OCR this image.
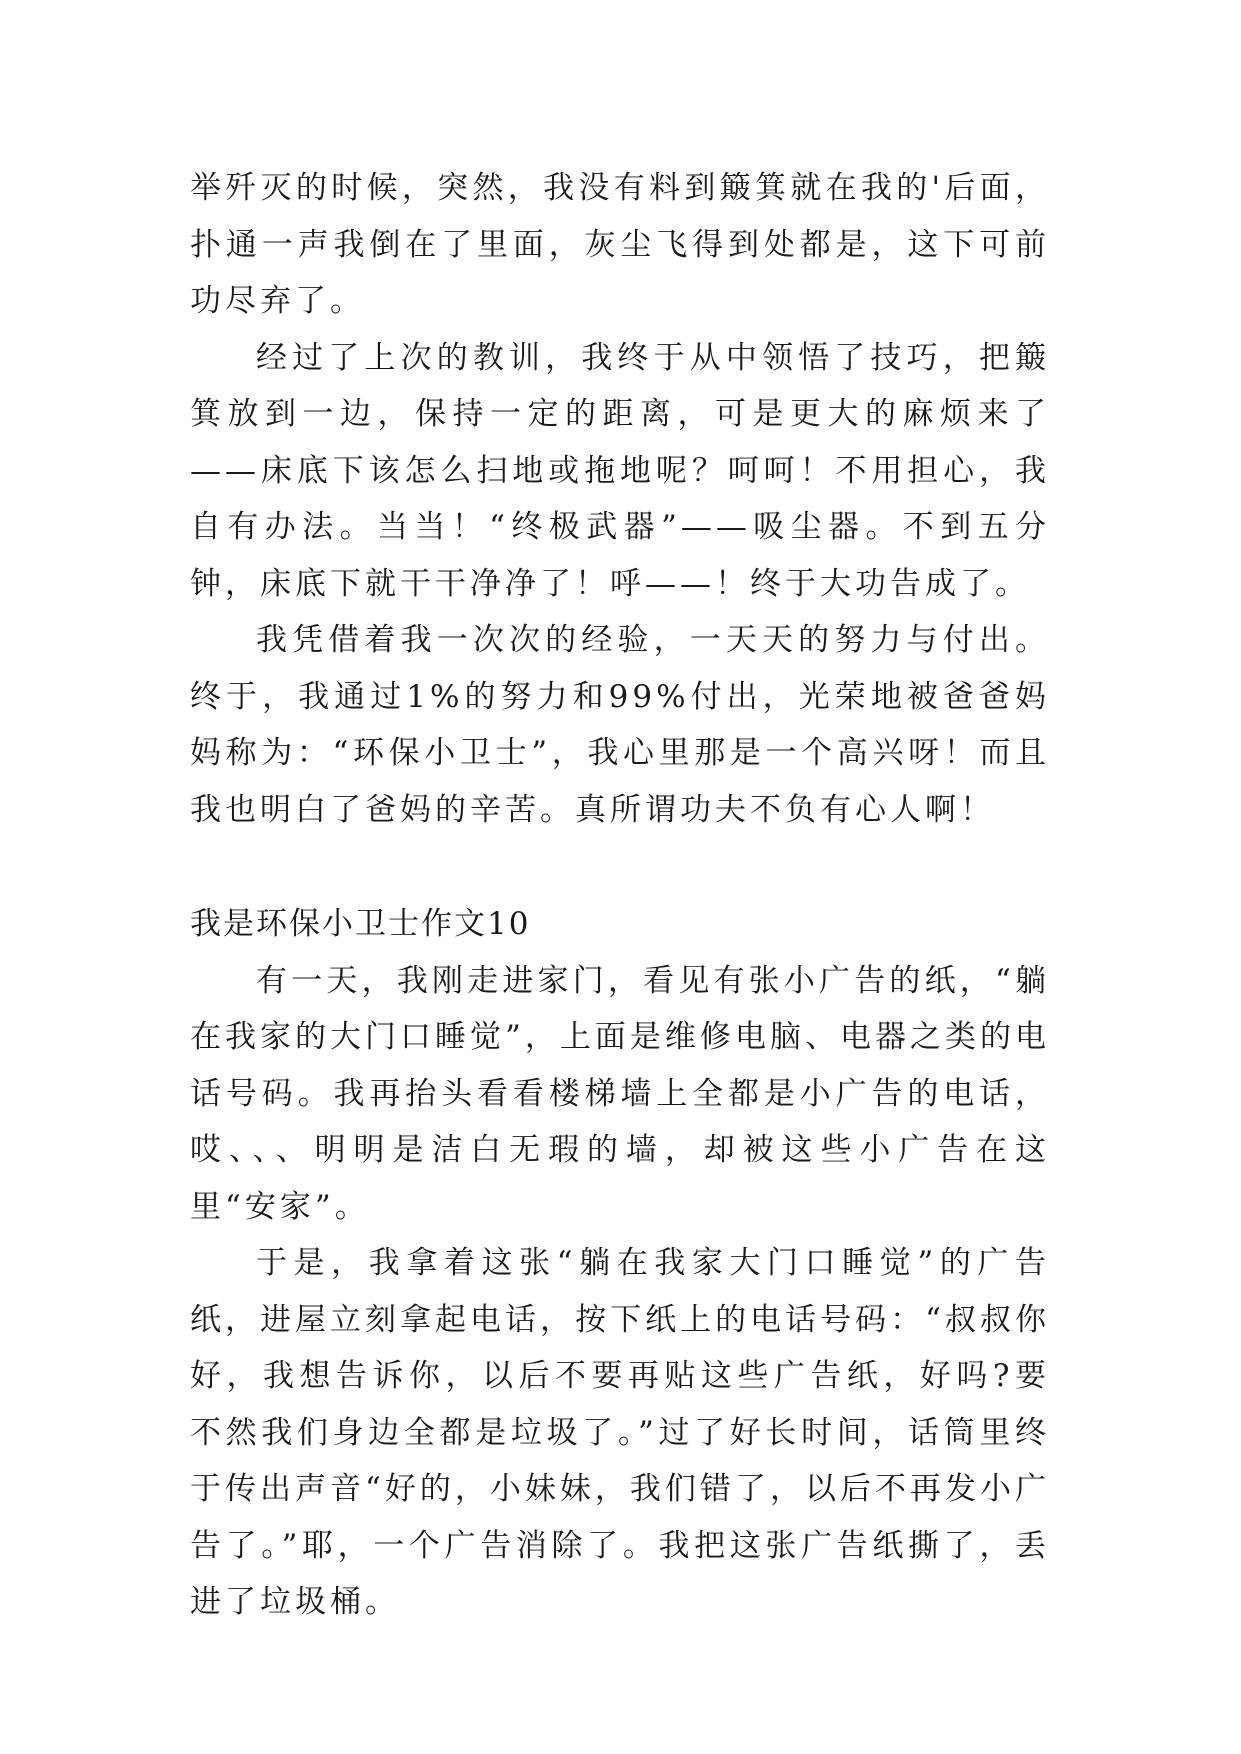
举歼灭的时候，突然，我没有料到簸箕就在我的'后面，扑通一声我倒在了里面，灰尘飞得到处都是，这下可前功尽弃了。

经过了上次的教训，我终于从中领悟了技巧，把簸箕放到一边，保持一定的距离，可是更大的麻烦来了——床底下该怎么扫地或拖地呢？呵呵！不用担心，我自有办法。当当！“终极武器”——吸尘器。不到五分钟，床底下就干干净净了！呼——！终于大功告成了。

我凭借着我一次次的经验，一天天的努力与付出。终于，我通过1%的努力和99%付出，光荣地被爸爸妈妈称为：“环保小卫士”，我心里那是一个高兴呀！而且我也明白了爸妈的辛苦。真所谓功夫不负有心人啊！

我是环保小卫士作文10

有一天，我刚走进家门，看见有张小广告的纸，“躺在我家的大门口睡觉”，上面是维修电脑、电器之类的电话号码。我再抬头看看楼梯墙上全都是小广告的电话，哎、、、明明是洁白无瑕的墙，却被这些小广告在这里“安家”。

于是，我拿着这张“躺在我家大门口睡觉”的广告纸，进屋立刻拿起电话，按下纸上的电话号码：“叔叔你好，我想告诉你，以后不要再贴这些广告纸，好吗?要不然我们身边全都是垃圾了。”过了好长时间，话筒里终于传出声音“好的，小妹妹，我们错了，以后不再发小广告了。”耶，一个广告消除了。我把这张广告纸撕了，丢进了垃圾桶。
